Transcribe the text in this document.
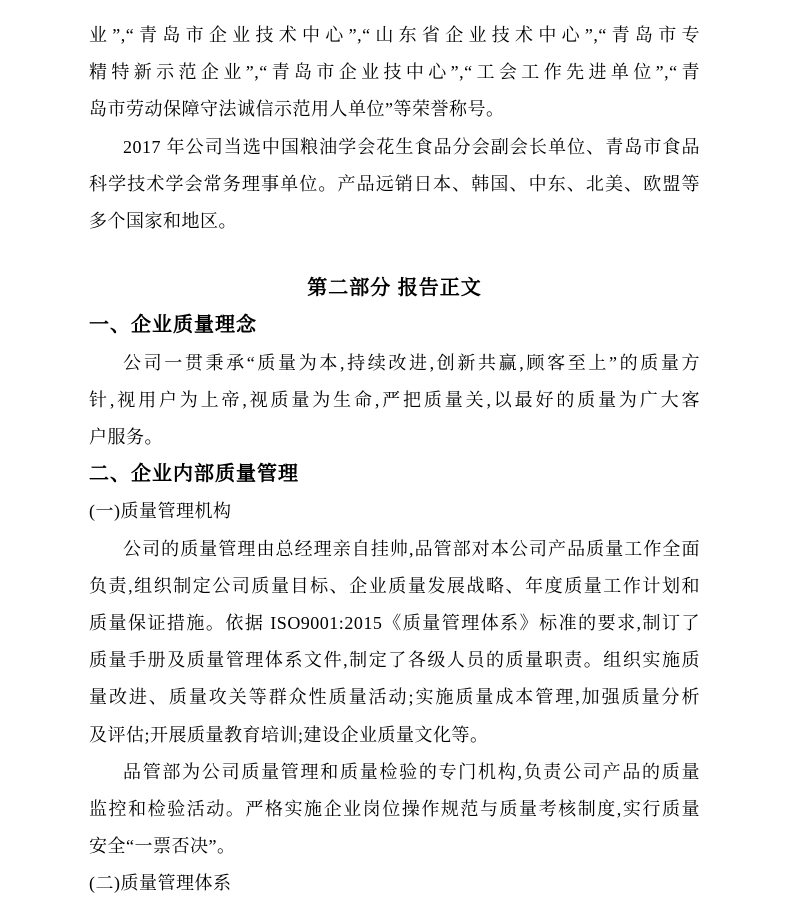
业”,“青岛市企业技术中心”,“山东省企业技术中心”,“青岛市专

精特新示范企业”,“青岛市企业技中心”,“工会工作先进单位”,“青

岛市劳动保障守法诚信示范用人单位”等荣誉称号。

2017 年公司当选中国粮油学会花生食品分会副会长单位、青岛市食品

科学技术学会常务理事单位。产品远销日本、韩国、中东、北美、欧盟等

多个国家和地区。

第二部分 报告正文
一、企业质量理念

公司一贯秉承“质量为本,持续改进,创新共赢,顾客至上”的质量方

针,视用户为上帝,视质量为生命,严把质量关,以最好的质量为广大客

户服务。

二、企业内部质量管理

(一)质量管理机构

公司的质量管理由总经理亲自挂帅,品管部对本公司产品质量工作全面

负责,组织制定公司质量目标、企业质量发展战略、年度质量工作计划和

质量保证措施。依据 ISO9001:2015《质量管理体系》标准的要求,制订了

质量手册及质量管理体系文件,制定了各级人员的质量职责。组织实施质

量改进、质量攻关等群众性质量活动;实施质量成本管理,加强质量分析

及评估;开展质量教育培训;建设企业质量文化等。

品管部为公司质量管理和质量检验的专门机构,负责公司产品的质量

监控和检验活动。严格实施企业岗位操作规范与质量考核制度,实行质量

安全“一票否决”。

(二)质量管理体系
